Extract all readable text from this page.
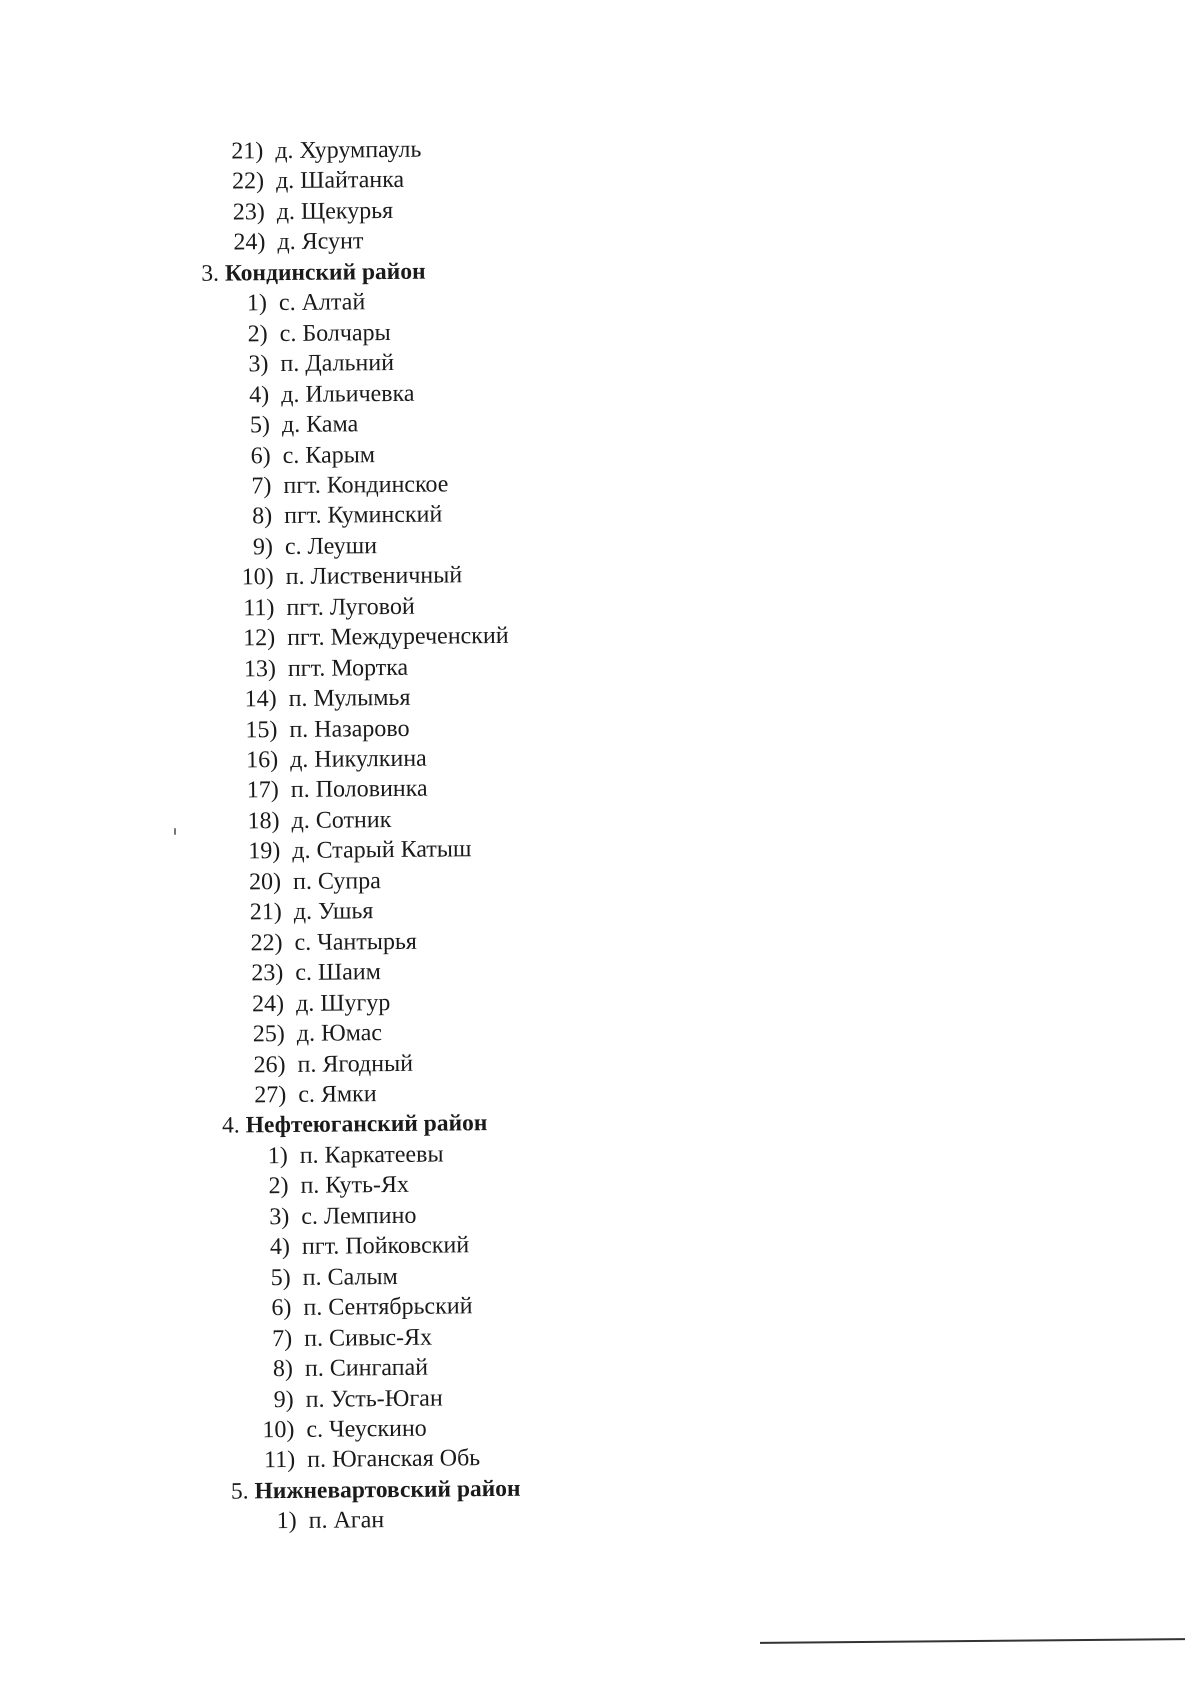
21) д. Хурумпауль
22) д. Шайтанка
23) д. Щекурья
24) д. Ясунт
3. Кондинский район
1) с. Алтай
2) с. Болчары
3) п. Дальний
4) д. Ильичевка
5) д. Кама
6) с. Карым
7) пгт. Кондинское
8) пгт. Куминский
9) с. Леуши
10) п. Лиственичный
11) пгт. Луговой
12) пгт. Междуреченский
13) пгт. Мортка
14) п. Мулымья
15) п. Назарово
16) д. Никулкина
17) п. Половинка
18) д. Сотник
19) д. Старый Катыш
20) п. Супра
21) д. Ушья
22) с. Чантырья
23) с. Шаим
24) д. Шугур
25) д. Юмас
26) п. Ягодный
27) с. Ямки
4. Нефтеюганский район
1) п. Каркатеевы
2) п. Куть-Ях
3) с. Лемпино
4) пгт. Пойковский
5) п. Салым
6) п. Сентябрьский
7) п. Сивыс-Ях
8) п. Сингапай
9) п. Усть-Юган
10) с. Чеускино
11) п. Юганская Обь
5. Нижневартовский район
1) п. Аган
